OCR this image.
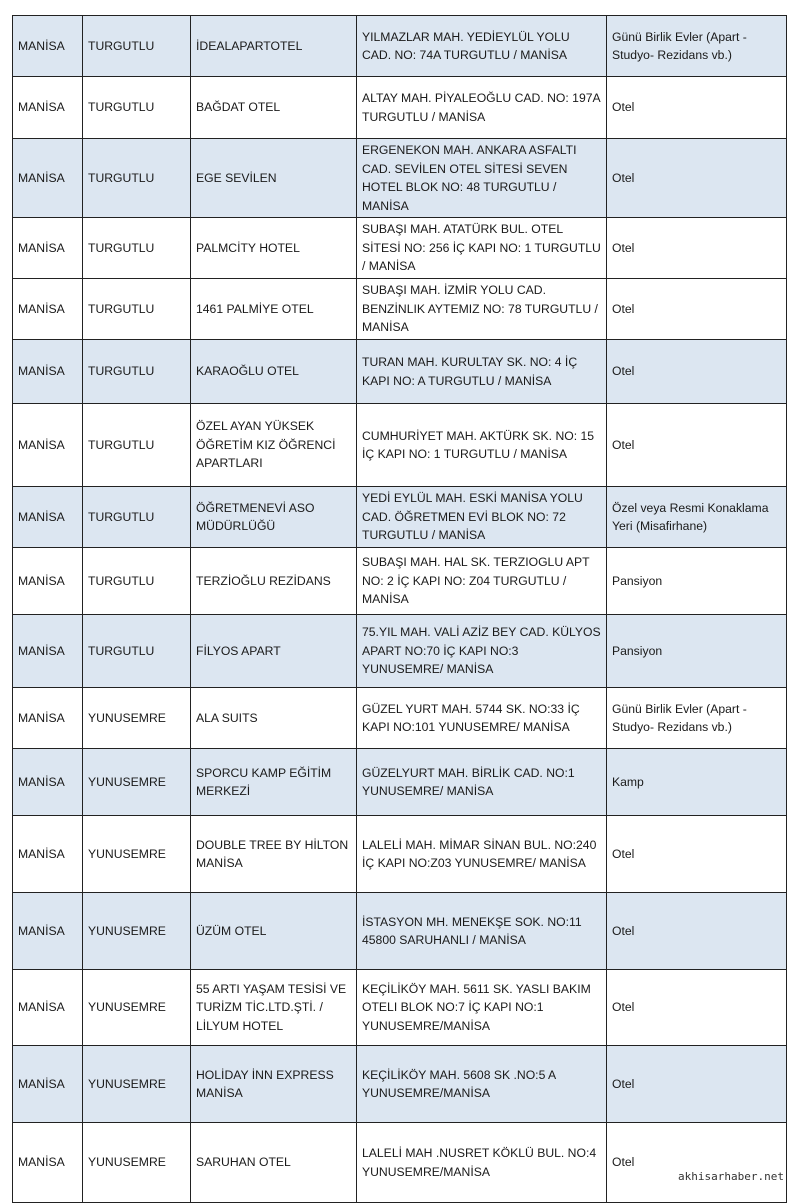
MANİSA	TURGUTLU	İDEALAPARTOTEL	YILMAZLAR MAH. YEDİEYLÜL YOLU CAD. NO: 74A TURGUTLU / MANİSA	Günü Birlik Evler (Apart - Studyo- Rezidans vb.)
MANİSA	TURGUTLU	BAĞDAT OTEL	ALTAY MAH. PİYALEOĞLU CAD. NO: 197A TURGUTLU / MANİSA	Otel
MANİSA	TURGUTLU	EGE SEVİLEN	ERGENEKON MAH. ANKARA ASFALTI CAD. SEVİLEN OTEL SİTESİ SEVEN HOTEL BLOK NO: 48 TURGUTLU / MANİSA	Otel
MANİSA	TURGUTLU	PALMCİTY HOTEL	SUBAŞI MAH. ATATÜRK BUL. OTEL SİTESİ NO: 256 İÇ KAPI NO: 1 TURGUTLU / MANİSA	Otel
MANİSA	TURGUTLU	1461 PALMİYE OTEL	SUBAŞI MAH. İZMİR YOLU CAD. BENZİNLIK AYTEMIZ NO: 78 TURGUTLU / MANİSA	Otel
MANİSA	TURGUTLU	KARAOĞLU OTEL	TURAN MAH. KURULTAY SK. NO: 4 İÇ KAPI NO: A TURGUTLU / MANİSA	Otel
MANİSA	TURGUTLU	ÖZEL AYAN YÜKSEK ÖĞRETİM KIZ ÖĞRENCİ APARTLARI	CUMHURİYET MAH. AKTÜRK SK. NO: 15 İÇ KAPI NO: 1 TURGUTLU / MANİSA	Otel
MANİSA	TURGUTLU	ÖĞRETMENEVİ ASO MÜDÜRLÜĞÜ	YEDİ EYLÜL MAH. ESKİ MANİSA YOLU CAD. ÖĞRETMEN EVİ BLOK NO: 72 TURGUTLU / MANİSA	Özel veya Resmi Konaklama Yeri (Misafirhane)
MANİSA	TURGUTLU	TERZİOĞLU REZİDANS	SUBAŞI MAH. HAL SK. TERZIOGLU APT NO: 2 İÇ KAPI NO: Z04 TURGUTLU / MANİSA	Pansiyon
MANİSA	TURGUTLU	FİLYOS APART	75.YIL MAH. VALİ AZİZ BEY CAD. KÜLYOS APART NO:70 İÇ KAPI NO:3 YUNUSEMRE/ MANİSA	Pansiyon
MANİSA	YUNUSEMRE	ALA SUITS	GÜZEL YURT MAH. 5744 SK. NO:33 İÇ KAPI NO:101 YUNUSEMRE/ MANİSA	Günü Birlik Evler (Apart - Studyo- Rezidans vb.)
MANİSA	YUNUSEMRE	SPORCU KAMP EĞİTİM MERKEZİ	GÜZELYURT MAH. BİRLİK CAD. NO:1 YUNUSEMRE/ MANİSA	Kamp
MANİSA	YUNUSEMRE	DOUBLE TREE BY HİLTON MANİSA	LALELİ MAH. MİMAR SİNAN BUL. NO:240 İÇ KAPI NO:Z03 YUNUSEMRE/ MANİSA	Otel
MANİSA	YUNUSEMRE	ÜZÜM OTEL	İSTASYON MH. MENEKŞE SOK. NO:11 45800 SARUHANLI / MANİSA	Otel
MANİSA	YUNUSEMRE	55 ARTI YAŞAM TESİSİ VE TURİZM TİC.LTD.ŞTİ. / LİLYUM HOTEL	KEÇİLİKÖY MAH. 5611 SK. YASLI BAKIM OTELI BLOK NO:7 İÇ KAPI NO:1 YUNUSEMRE/MANİSA	Otel
MANİSA	YUNUSEMRE	HOLİDAY İNN EXPRESS MANİSA	KEÇİLİKÖY MAH. 5608 SK .NO:5 A YUNUSEMRE/MANİSA	Otel
MANİSA	YUNUSEMRE	SARUHAN OTEL	LALELİ MAH .NUSRET KÖKLÜ BUL. NO:4 YUNUSEMRE/MANİSA	Otel
akhisarhaber.net
